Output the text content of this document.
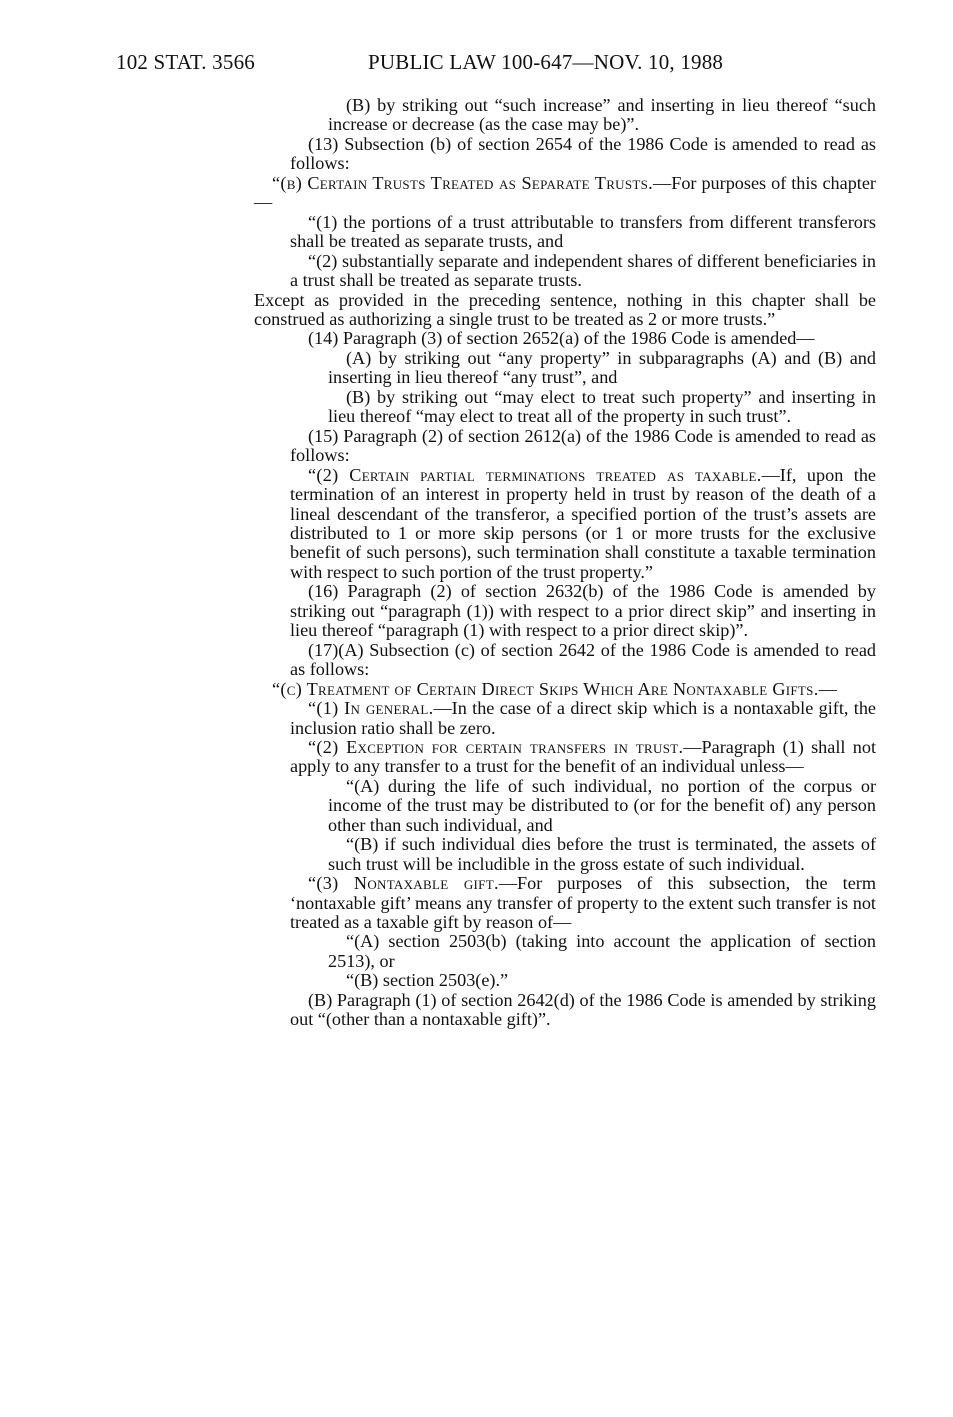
102 STAT. 3566	PUBLIC LAW 100-647—NOV. 10, 1988

(B) by striking out “such increase” and inserting in lieu thereof “such increase or decrease (as the case may be)”.

(13) Subsection (b) of section 2654 of the 1986 Code is amended to read as follows:

“(b) Certain Trusts Treated as Separate Trusts.—For purposes of this chapter—

“(1) the portions of a trust attributable to transfers from different transferors shall be treated as separate trusts, and

“(2) substantially separate and independent shares of different beneficiaries in a trust shall be treated as separate trusts.

Except as provided in the preceding sentence, nothing in this chapter shall be construed as authorizing a single trust to be treated as 2 or more trusts.”

(14) Paragraph (3) of section 2652(a) of the 1986 Code is amended—

(A) by striking out “any property” in subparagraphs (A) and (B) and inserting in lieu thereof “any trust”, and

(B) by striking out “may elect to treat such property” and inserting in lieu thereof “may elect to treat all of the property in such trust”.

(15) Paragraph (2) of section 2612(a) of the 1986 Code is amended to read as follows:

“(2) Certain partial terminations treated as taxable.—If, upon the termination of an interest in property held in trust by reason of the death of a lineal descendant of the transferor, a specified portion of the trust’s assets are distributed to 1 or more skip persons (or 1 or more trusts for the exclusive benefit of such persons), such termination shall constitute a taxable termination with respect to such portion of the trust property.”

(16) Paragraph (2) of section 2632(b) of the 1986 Code is amended by striking out “paragraph (1)) with respect to a prior direct skip” and inserting in lieu thereof “paragraph (1) with respect to a prior direct skip)”.

(17)(A) Subsection (c) of section 2642 of the 1986 Code is amended to read as follows:

“(c) Treatment of Certain Direct Skips Which Are Nontaxable Gifts.—

“(1) In general.—In the case of a direct skip which is a nontaxable gift, the inclusion ratio shall be zero.

“(2) Exception for certain transfers in trust.—Paragraph (1) shall not apply to any transfer to a trust for the benefit of an individual unless—

“(A) during the life of such individual, no portion of the corpus or income of the trust may be distributed to (or for the benefit of) any person other than such individual, and

“(B) if such individual dies before the trust is terminated, the assets of such trust will be includible in the gross estate of such individual.

“(3) Nontaxable gift.—For purposes of this subsection, the term ‘nontaxable gift’ means any transfer of property to the extent such transfer is not treated as a taxable gift by reason of—

“(A) section 2503(b) (taking into account the application of section 2513), or

“(B) section 2503(e).”

(B) Paragraph (1) of section 2642(d) of the 1986 Code is amended by striking out “(other than a nontaxable gift)”.
